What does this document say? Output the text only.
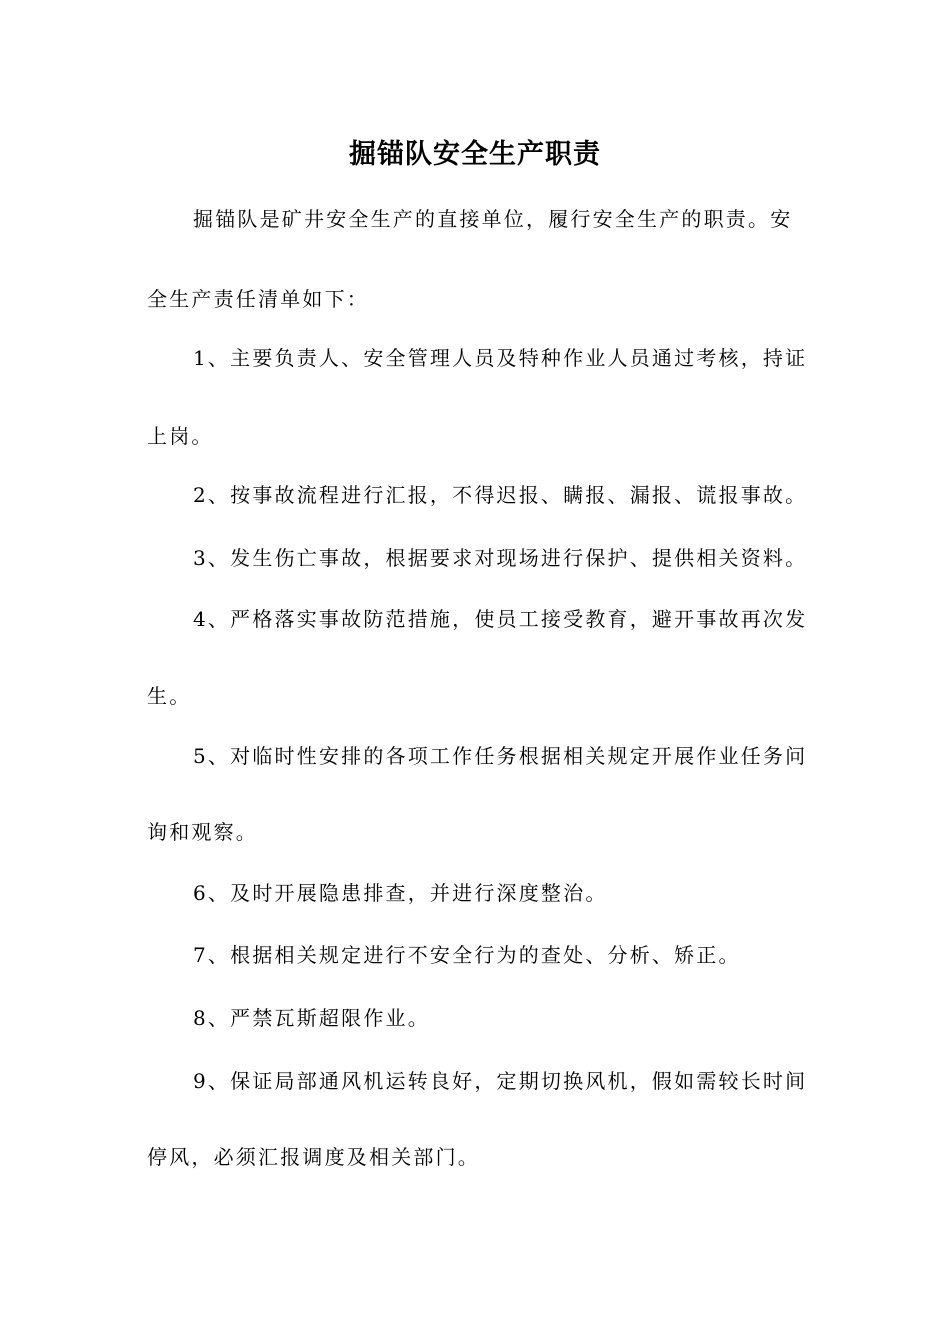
掘锚队安全生产职责
掘锚队是矿井安全生产的直接单位，履行安全生产的职责。安
全生产责任清单如下：
1、主要负责人、安全管理人员及特种作业人员通过考核，持证
上岗。
2、按事故流程进行汇报，不得迟报、瞒报、漏报、谎报事故。
3、发生伤亡事故，根据要求对现场进行保护、提供相关资料。
4、严格落实事故防范措施，使员工接受教育，避开事故再次发
生。
5、对临时性安排的各项工作任务根据相关规定开展作业任务问
询和观察。
6、及时开展隐患排查，并进行深度整治。
7、根据相关规定进行不安全行为的查处、分析、矫正。
8、严禁瓦斯超限作业。
9、保证局部通风机运转良好，定期切换风机，假如需较长时间
停风，必须汇报调度及相关部门。
